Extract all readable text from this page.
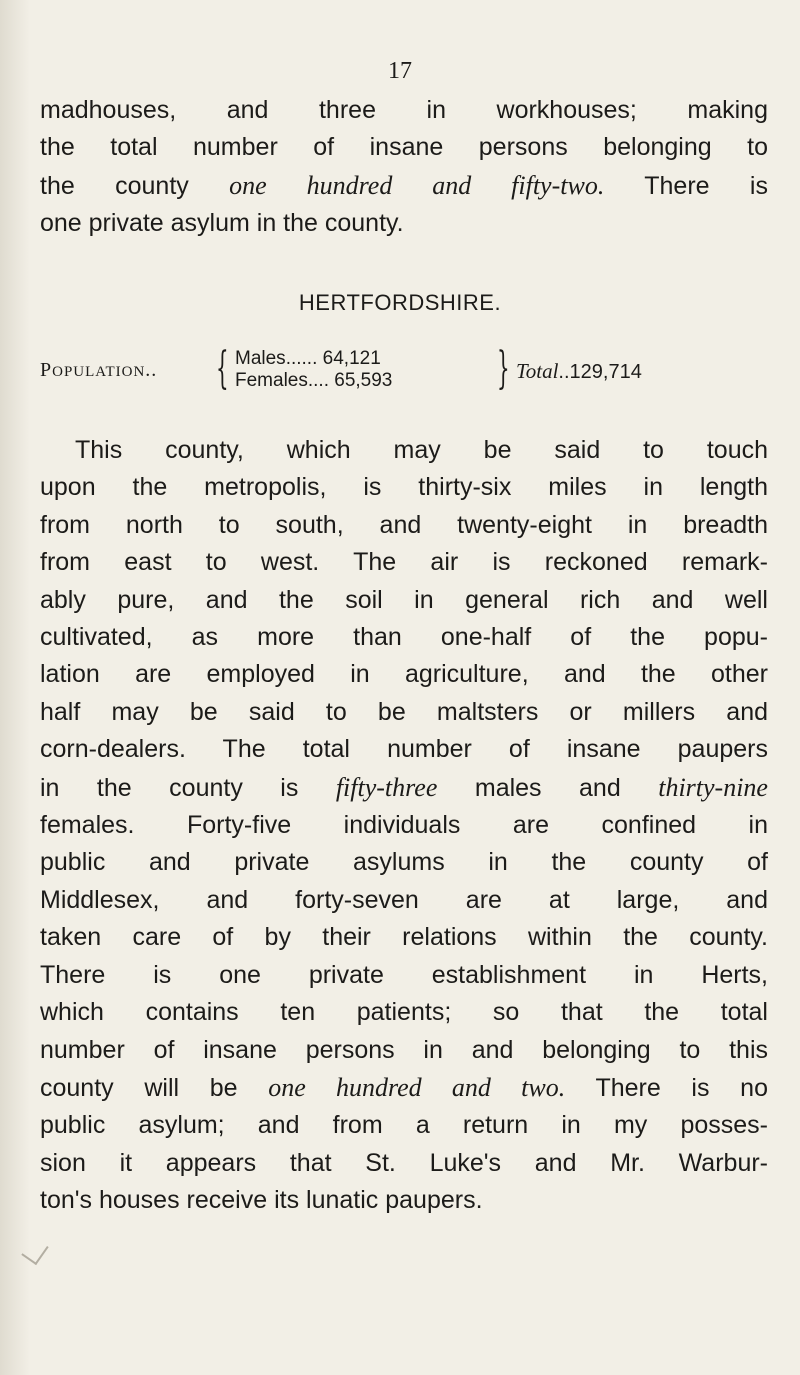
17

madhouses, and three in workhouses; making
the total number of insane persons belonging to
the county one hundred and fifty-two. There is
one private asylum in the county.

HERTFORDSHIRE.
POPULATION.. { Males...... 64,121
Females.... 65,593 } Total..129,714

This county, which may be said to touch
upon the metropolis, is thirty-six miles in length
from north to south, and twenty-eight in breadth
from east to west. The air is reckoned remark-
ably pure, and the soil in general rich and well
cultivated, as more than one-half of the popu-
lation are employed in agriculture, and the other
half may be said to be maltsters or millers and
corn-dealers. The total number of insane paupers
in the county is fifty-three males and thirty-nine
females. Forty-five individuals are confined in
public and private asylums in the county of
Middlesex, and forty-seven are at large, and
taken care of by their relations within the county.
There is one private establishment in Herts,
which contains ten patients; so that the total
number of insane persons in and belonging to this
county will be one hundred and two. There is no
public asylum; and from a return in my posses-
sion it appears that St. Luke's and Mr. Warbur-
ton's houses receive its lunatic paupers.
